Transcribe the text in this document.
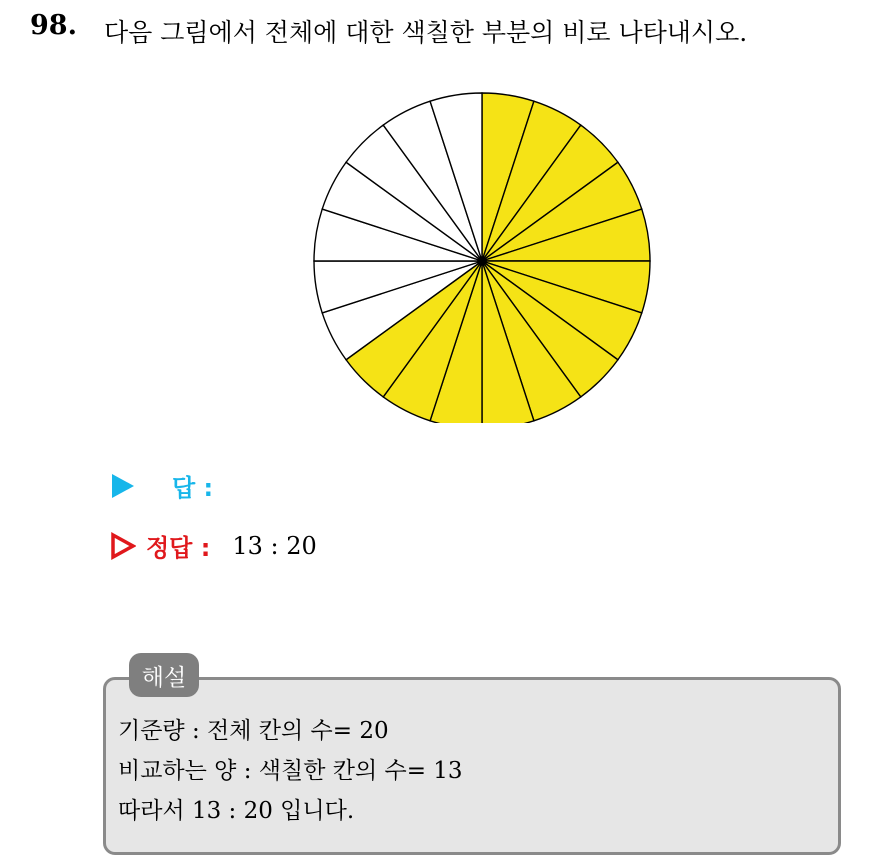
98. 다음 그림에서 전체에 대한 색칠한 부분의 비로 나타내시오.
답 :
정답 : 13 : 20
해설
기준량 : 전체 칸의 수= 20
비교하는 양 : 색칠한 칸의 수= 13
따라서 13 : 20 입니다.
